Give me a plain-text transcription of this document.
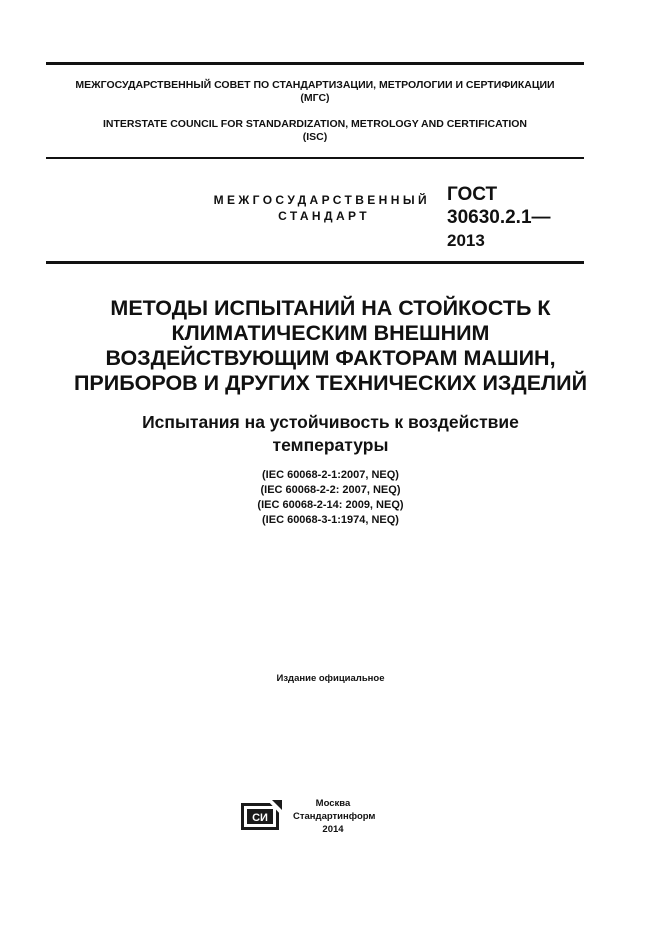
МЕЖГОСУДАРСТВЕННЫЙ СОВЕТ ПО СТАНДАРТИЗАЦИИ, МЕТРОЛОГИИ И СЕРТИФИКАЦИИ
(МГС)
INTERSTATE COUNCIL FOR STANDARDIZATION, METROLOGY AND CERTIFICATION
(ISC)
МЕЖГОСУДАРСТВЕННЫЙ
СТАНДАРТ
ГОСТ
30630.2.1—
2013
МЕТОДЫ ИСПЫТАНИЙ НА СТОЙКОСТЬ К
КЛИМАТИЧЕСКИМ ВНЕШНИМ
ВОЗДЕЙСТВУЮЩИМ ФАКТОРАМ МАШИН,
ПРИБОРОВ И ДРУГИХ ТЕХНИЧЕСКИХ ИЗДЕЛИЙ
Испытания на устойчивость к воздействие
температуры
(IEC 60068-2-1:2007, NEQ)
(IEC 60068-2-2: 2007, NEQ)
(IEC 60068-2-14: 2009, NEQ)
(IEC 60068-3-1:1974, NEQ)
Издание официальное
СИ
Москва
Стандартинформ
2014
